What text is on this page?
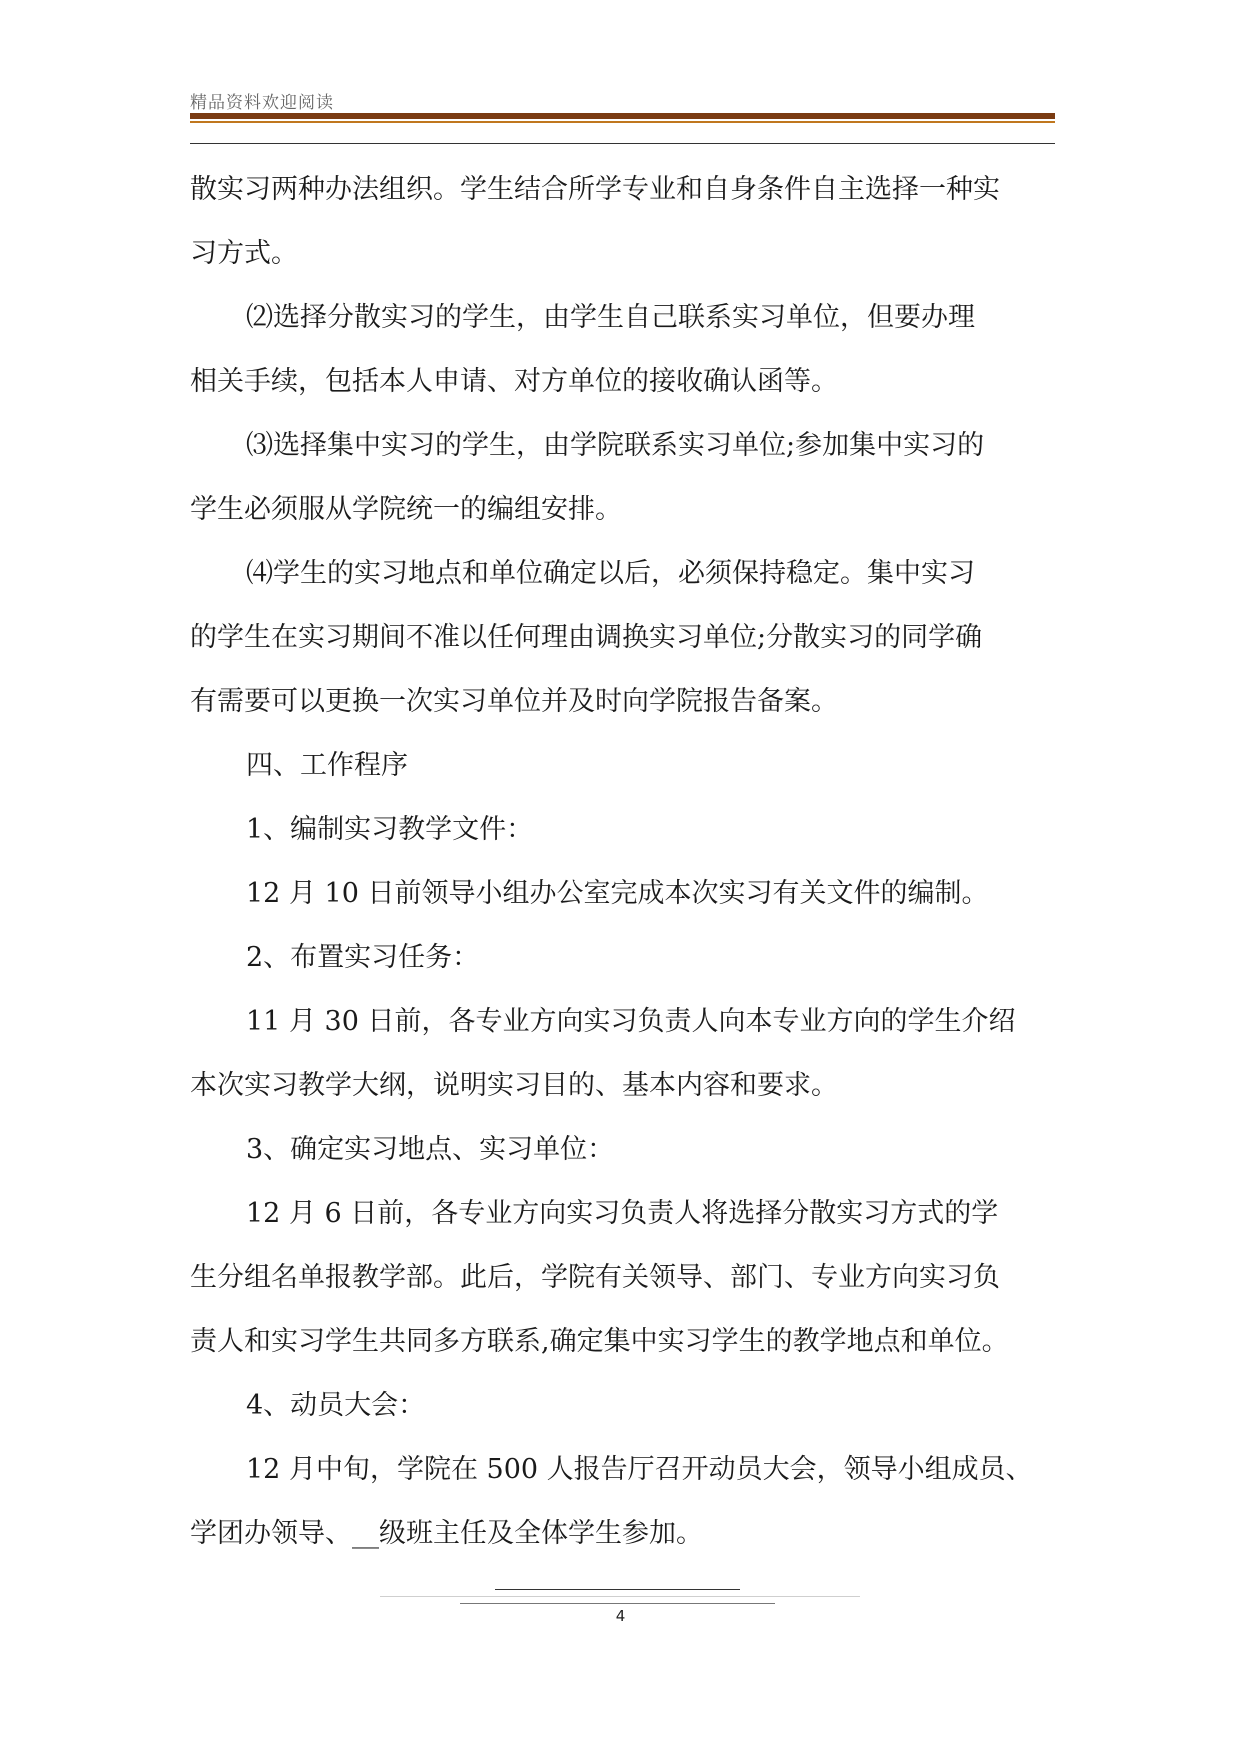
精品资料欢迎阅读
散实习两种办法组织。学生结合所学专业和自身条件自主选择一种实
习方式。
⑵选择分散实习的学生，由学生自己联系实习单位，但要办理
相关手续，包括本人申请、对方单位的接收确认函等。
⑶选择集中实习的学生，由学院联系实习单位;参加集中实习的
学生必须服从学院统一的编组安排。
⑷学生的实习地点和单位确定以后，必须保持稳定。集中实习
的学生在实习期间不准以任何理由调换实习单位;分散实习的同学确
有需要可以更换一次实习单位并及时向学院报告备案。
四、工作程序
1、编制实习教学文件：
12 月 10 日前领导小组办公室完成本次实习有关文件的编制。
2、布置实习任务：
11 月 30 日前，各专业方向实习负责人向本专业方向的学生介绍
本次实习教学大纲，说明实习目的、基本内容和要求。
3、确定实习地点、实习单位：
12 月 6 日前，各专业方向实习负责人将选择分散实习方式的学
生分组名单报教学部。此后，学院有关领导、部门、专业方向实习负
责人和实习学生共同多方联系,确定集中实习学生的教学地点和单位。
4、动员大会：
12 月中旬，学院在 500 人报告厅召开动员大会，领导小组成员、
学团办领导、__级班主任及全体学生参加。
4
